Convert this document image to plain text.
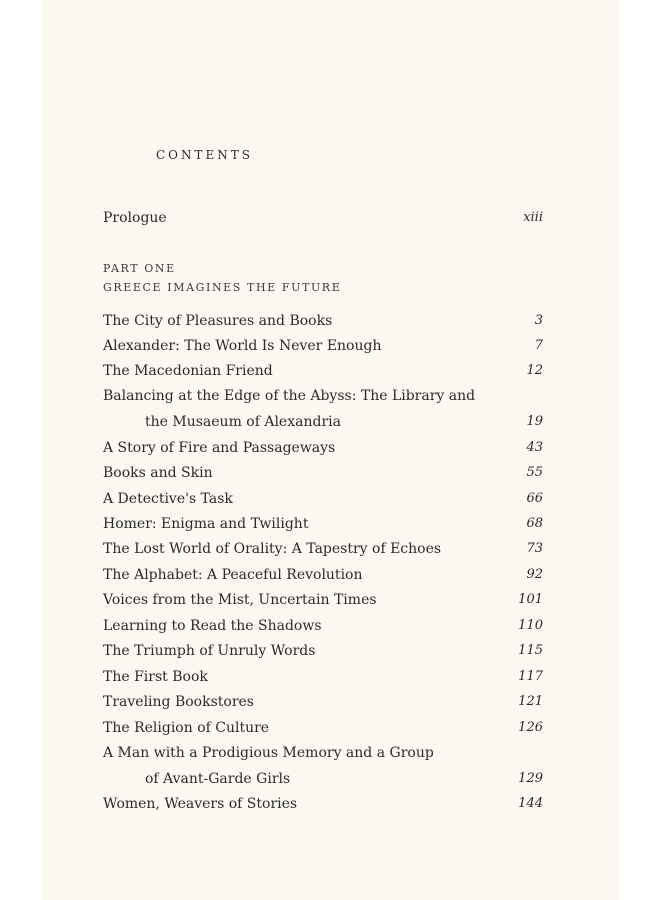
CONTENTS
Prologue	xiii
PART ONE
GREECE IMAGINES THE FUTURE
The City of Pleasures and Books	3
Alexander: The World Is Never Enough	7
The Macedonian Friend	12
Balancing at the Edge of the Abyss: The Library and
the Musaeum of Alexandria	19
A Story of Fire and Passageways	43
Books and Skin	55
A Detective's Task	66
Homer: Enigma and Twilight	68
The Lost World of Orality: A Tapestry of Echoes	73
The Alphabet: A Peaceful Revolution	92
Voices from the Mist, Uncertain Times	101
Learning to Read the Shadows	110
The Triumph of Unruly Words	115
The First Book	117
Traveling Bookstores	121
The Religion of Culture	126
A Man with a Prodigious Memory and a Group
of Avant-Garde Girls	129
Women, Weavers of Stories	144
